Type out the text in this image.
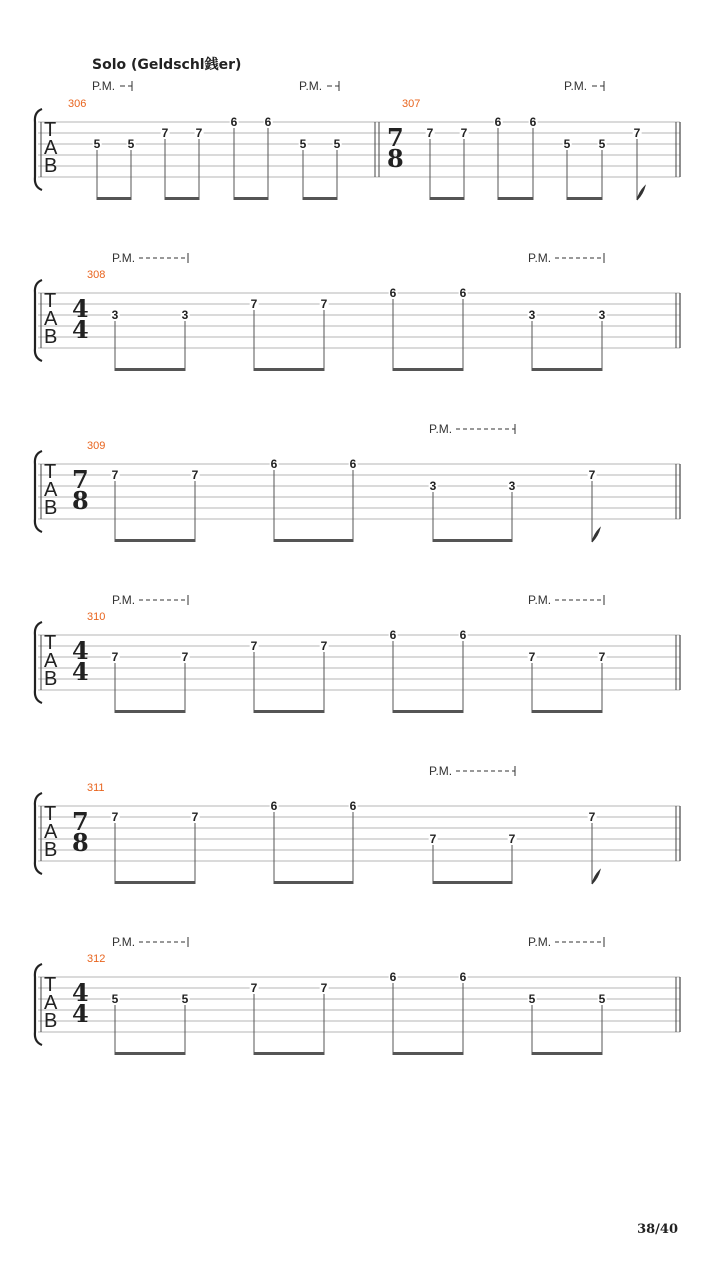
Solo (Geldschl銭er)
306	307
P.M.	P.M.	P.M.
T
A
B
7
8
5 5
7 7
6 6
5 5
7 7
6 6
5 5
7
308
P.M.	P.M.
T
A
B
4
4 3	3
7	7
6	6
3	3
309
P.M.
T
A
B
7
8
7	7
6	6
3	3
7
310
P.M.	P.M.
T
A
B
4
4 7	7
7	7
6	6
7	7
311
P.M.
T
A
B
7
8
7	7
6	6
7	7
7
312
P.M.	P.M.
T
A
B
4
4 5	5
7	7
6	6
5	5
38/40
